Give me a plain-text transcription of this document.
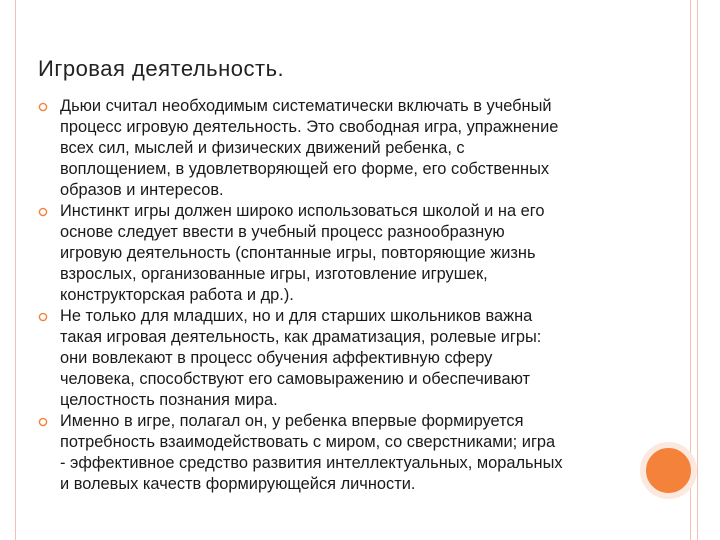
Игровая деятельность.
Дьюи считал необходимым систематически включать в учебный
процесс игровую деятельность. Это свободная игра, упражнение
всех сил, мыслей и физических движений ребенка, с
воплощением, в удовлетворяющей его форме, его собственных
образов и интересов.
Инстинкт игры должен широко использоваться школой и на его
основе следует ввести в учебный процесс разнообразную
игровую деятельность (спонтанные игры, повторяющие жизнь
взрослых, организованные игры, изготовление игрушек,
конструкторская работа и др.).
Не только для младших, но и для старших школьников важна
такая игровая деятельность, как драматизация, ролевые игры:
они вовлекают в процесс обучения аффективную сферу
человека, способствуют его самовыражению и обеспечивают
целостность познания мира.
Именно в игре, полагал он, у ребенка впервые формируется
потребность взаимодействовать с миром, со сверстниками; игра
- эффективное средство развития интеллектуальных, моральных
и волевых качеств формирующейся личности.
